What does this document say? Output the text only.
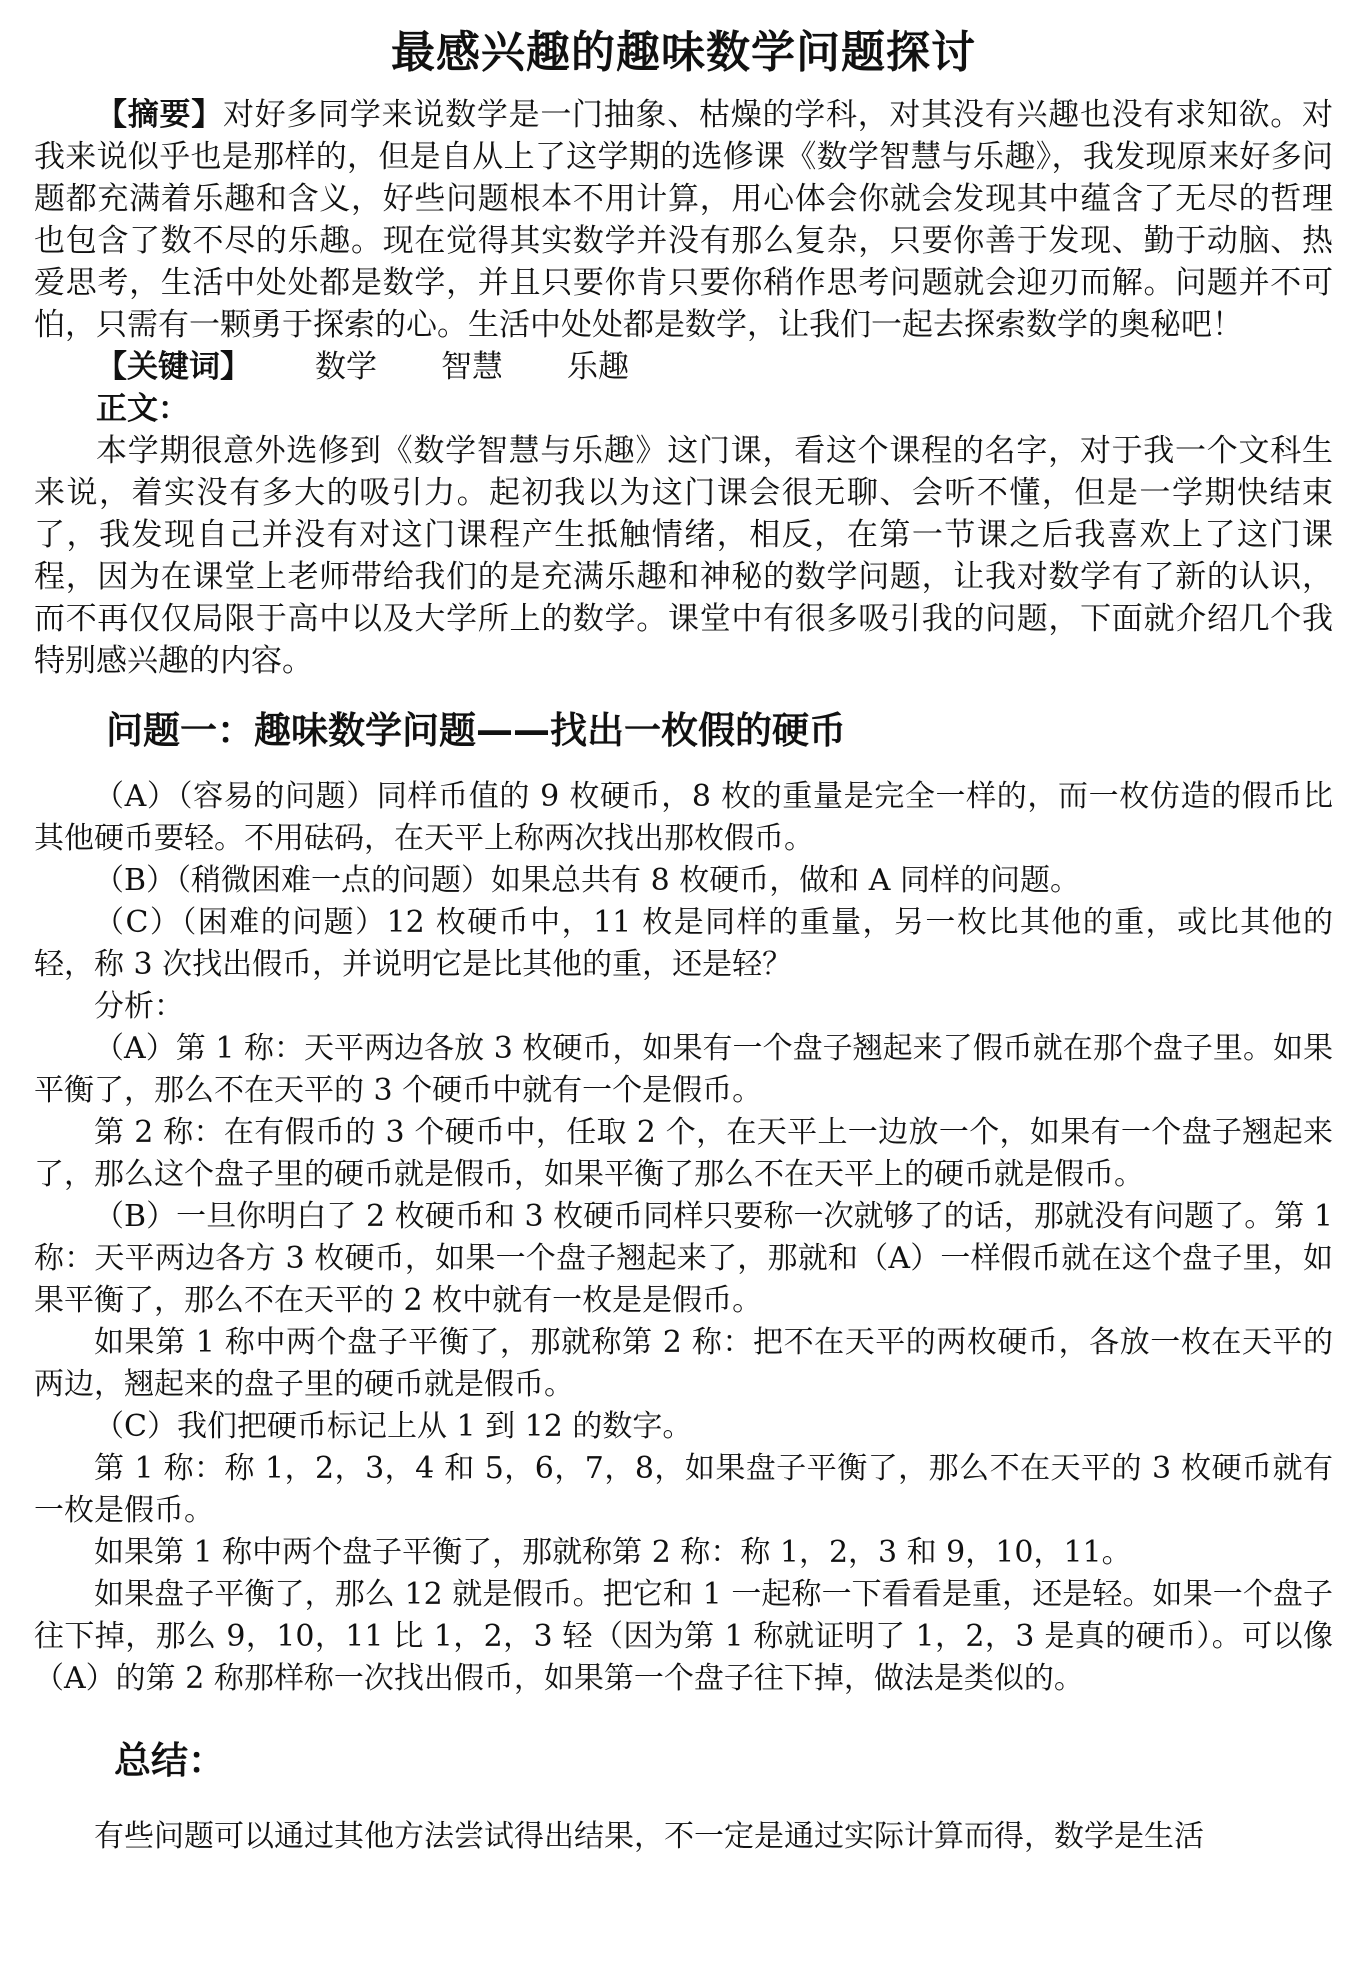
最感兴趣的趣味数学问题探讨

【摘要】对好多同学来说数学是一门抽象、枯燥的学科，对其没有兴趣也没有求知欲。对我来说似乎也是那样的，但是自从上了这学期的选修课《数学智慧与乐趣》，我发现原来好多问题都充满着乐趣和含义，好些问题根本不用计算，用心体会你就会发现其中蕴含了无尽的哲理也包含了数不尽的乐趣。现在觉得其实数学并没有那么复杂，只要你善于发现、勤于动脑、热爱思考，生活中处处都是数学，并且只要你肯只要你稍作思考问题就会迎刃而解。问题并不可怕，只需有一颗勇于探索的心。生活中处处都是数学，让我们一起去探索数学的奥秘吧！

【关键词】 数学 智慧 乐趣

正文：

本学期很意外选修到《数学智慧与乐趣》这门课，看这个课程的名字，对于我一个文科生来说，着实没有多大的吸引力。起初我以为这门课会很无聊、会听不懂，但是一学期快结束了，我发现自己并没有对这门课程产生抵触情绪，相反，在第一节课之后我喜欢上了这门课程，因为在课堂上老师带给我们的是充满乐趣和神秘的数学问题，让我对数学有了新的认识，而不再仅仅局限于高中以及大学所上的数学。课堂中有很多吸引我的问题，下面就介绍几个我特别感兴趣的内容。

问题一：趣味数学问题——找出一枚假的硬币

（A）（容易的问题）同样币值的 9 枚硬币，8 枚的重量是完全一样的，而一枚仿造的假币比其他硬币要轻。不用砝码，在天平上称两次找出那枚假币。

（B）（稍微困难一点的问题）如果总共有 8 枚硬币，做和 A 同样的问题。

（C）（困难的问题）12 枚硬币中，11 枚是同样的重量，另一枚比其他的重，或比其他的轻，称 3 次找出假币，并说明它是比其他的重，还是轻？

分析：

（A）第 1 称：天平两边各放 3 枚硬币，如果有一个盘子翘起来了假币就在那个盘子里。如果平衡了，那么不在天平的 3 个硬币中就有一个是假币。

第 2 称：在有假币的 3 个硬币中，任取 2 个，在天平上一边放一个，如果有一个盘子翘起来了，那么这个盘子里的硬币就是假币，如果平衡了那么不在天平上的硬币就是假币。

（B）一旦你明白了 2 枚硬币和 3 枚硬币同样只要称一次就够了的话，那就没有问题了。第 1 称：天平两边各方 3 枚硬币，如果一个盘子翘起来了，那就和（A）一样假币就在这个盘子里，如果平衡了，那么不在天平的 2 枚中就有一枚是是假币。

如果第 1 称中两个盘子平衡了，那就称第 2 称：把不在天平的两枚硬币，各放一枚在天平的两边，翘起来的盘子里的硬币就是假币。

（C）我们把硬币标记上从 1 到 12 的数字。

第 1 称：称 1，2，3，4 和 5，6，7，8，如果盘子平衡了，那么不在天平的 3 枚硬币就有一枚是假币。

如果第 1 称中两个盘子平衡了，那就称第 2 称：称 1，2，3 和 9，10，11。

如果盘子平衡了，那么 12 就是假币。把它和 1 一起称一下看看是重，还是轻。如果一个盘子往下掉，那么 9，10，11 比 1，2，3 轻（因为第 1 称就证明了 1，2，3 是真的硬币）。可以像（A）的第 2 称那样称一次找出假币，如果第一个盘子往下掉，做法是类似的。

总结：

有些问题可以通过其他方法尝试得出结果，不一定是通过实际计算而得，数学是生活
